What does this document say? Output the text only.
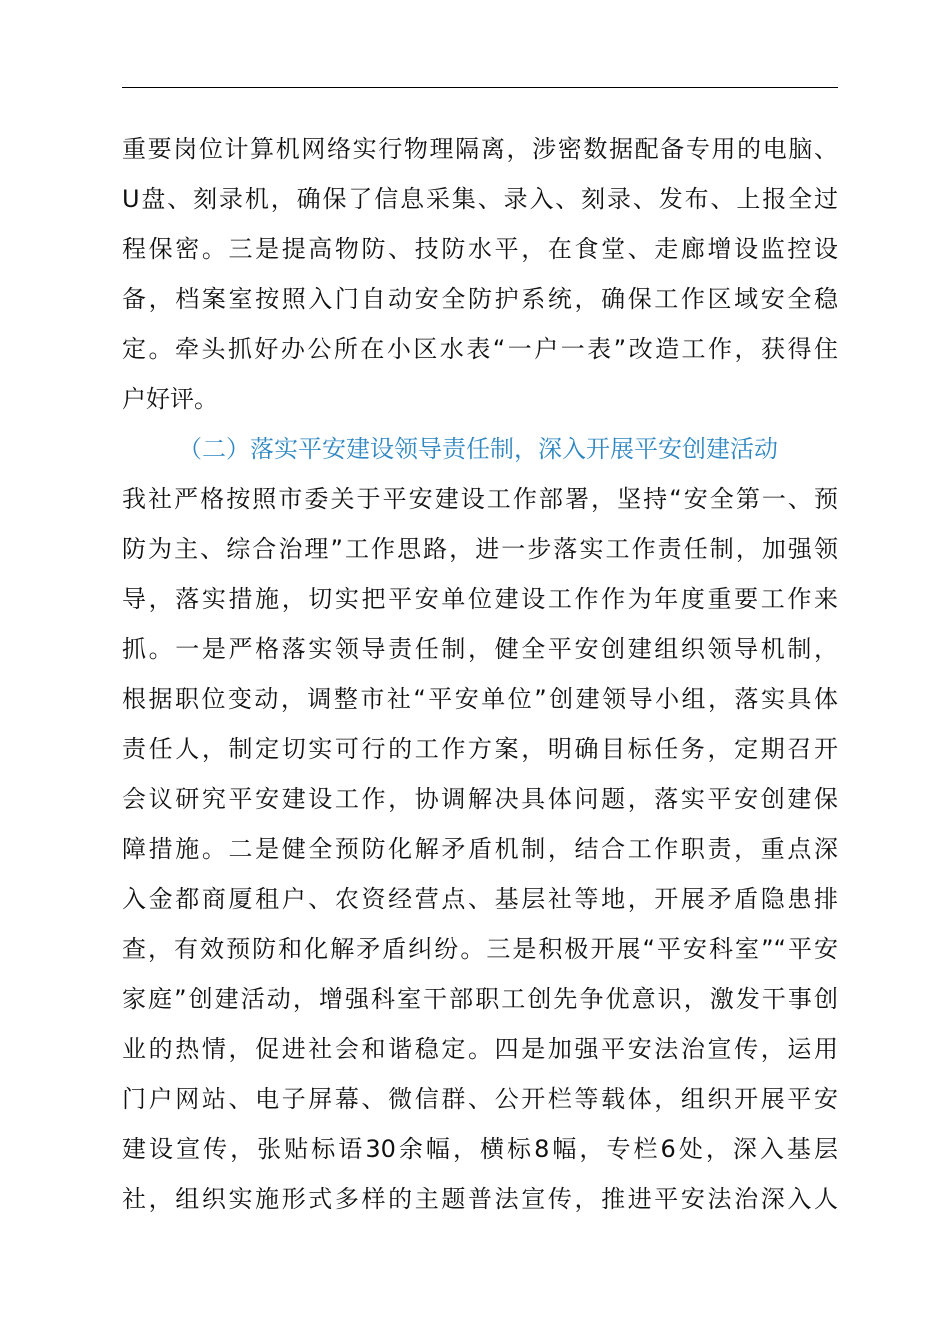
重要岗位计算机网络实行物理隔离，涉密数据配备专用的电脑、
U盘、刻录机，确保了信息采集、录入、刻录、发布、上报全过
程保密。三是提高物防、技防水平，在食堂、走廊增设监控设
备，档案室按照入门自动安全防护系统，确保工作区域安全稳
定。牵头抓好办公所在小区水表“一户一表”改造工作，获得住
户好评。
（二）落实平安建设领导责任制，深入开展平安创建活动
我社严格按照市委关于平安建设工作部署，坚持“安全第一、预
防为主、综合治理”工作思路，进一步落实工作责任制，加强领
导，落实措施，切实把平安单位建设工作作为年度重要工作来
抓。一是严格落实领导责任制，健全平安创建组织领导机制，
根据职位变动，调整市社“平安单位”创建领导小组，落实具体
责任人，制定切实可行的工作方案，明确目标任务，定期召开
会议研究平安建设工作，协调解决具体问题，落实平安创建保
障措施。二是健全预防化解矛盾机制，结合工作职责，重点深
入金都商厦租户、农资经营点、基层社等地，开展矛盾隐患排
查，有效预防和化解矛盾纠纷。三是积极开展“平安科室”“平安
家庭”创建活动，增强科室干部职工创先争优意识，激发干事创
业的热情，促进社会和谐稳定。四是加强平安法治宣传，运用
门户网站、电子屏幕、微信群、公开栏等载体，组织开展平安
建设宣传，张贴标语30余幅，横标8幅，专栏6处，深入基层
社，组织实施形式多样的主题普法宣传，推进平安法治深入人
